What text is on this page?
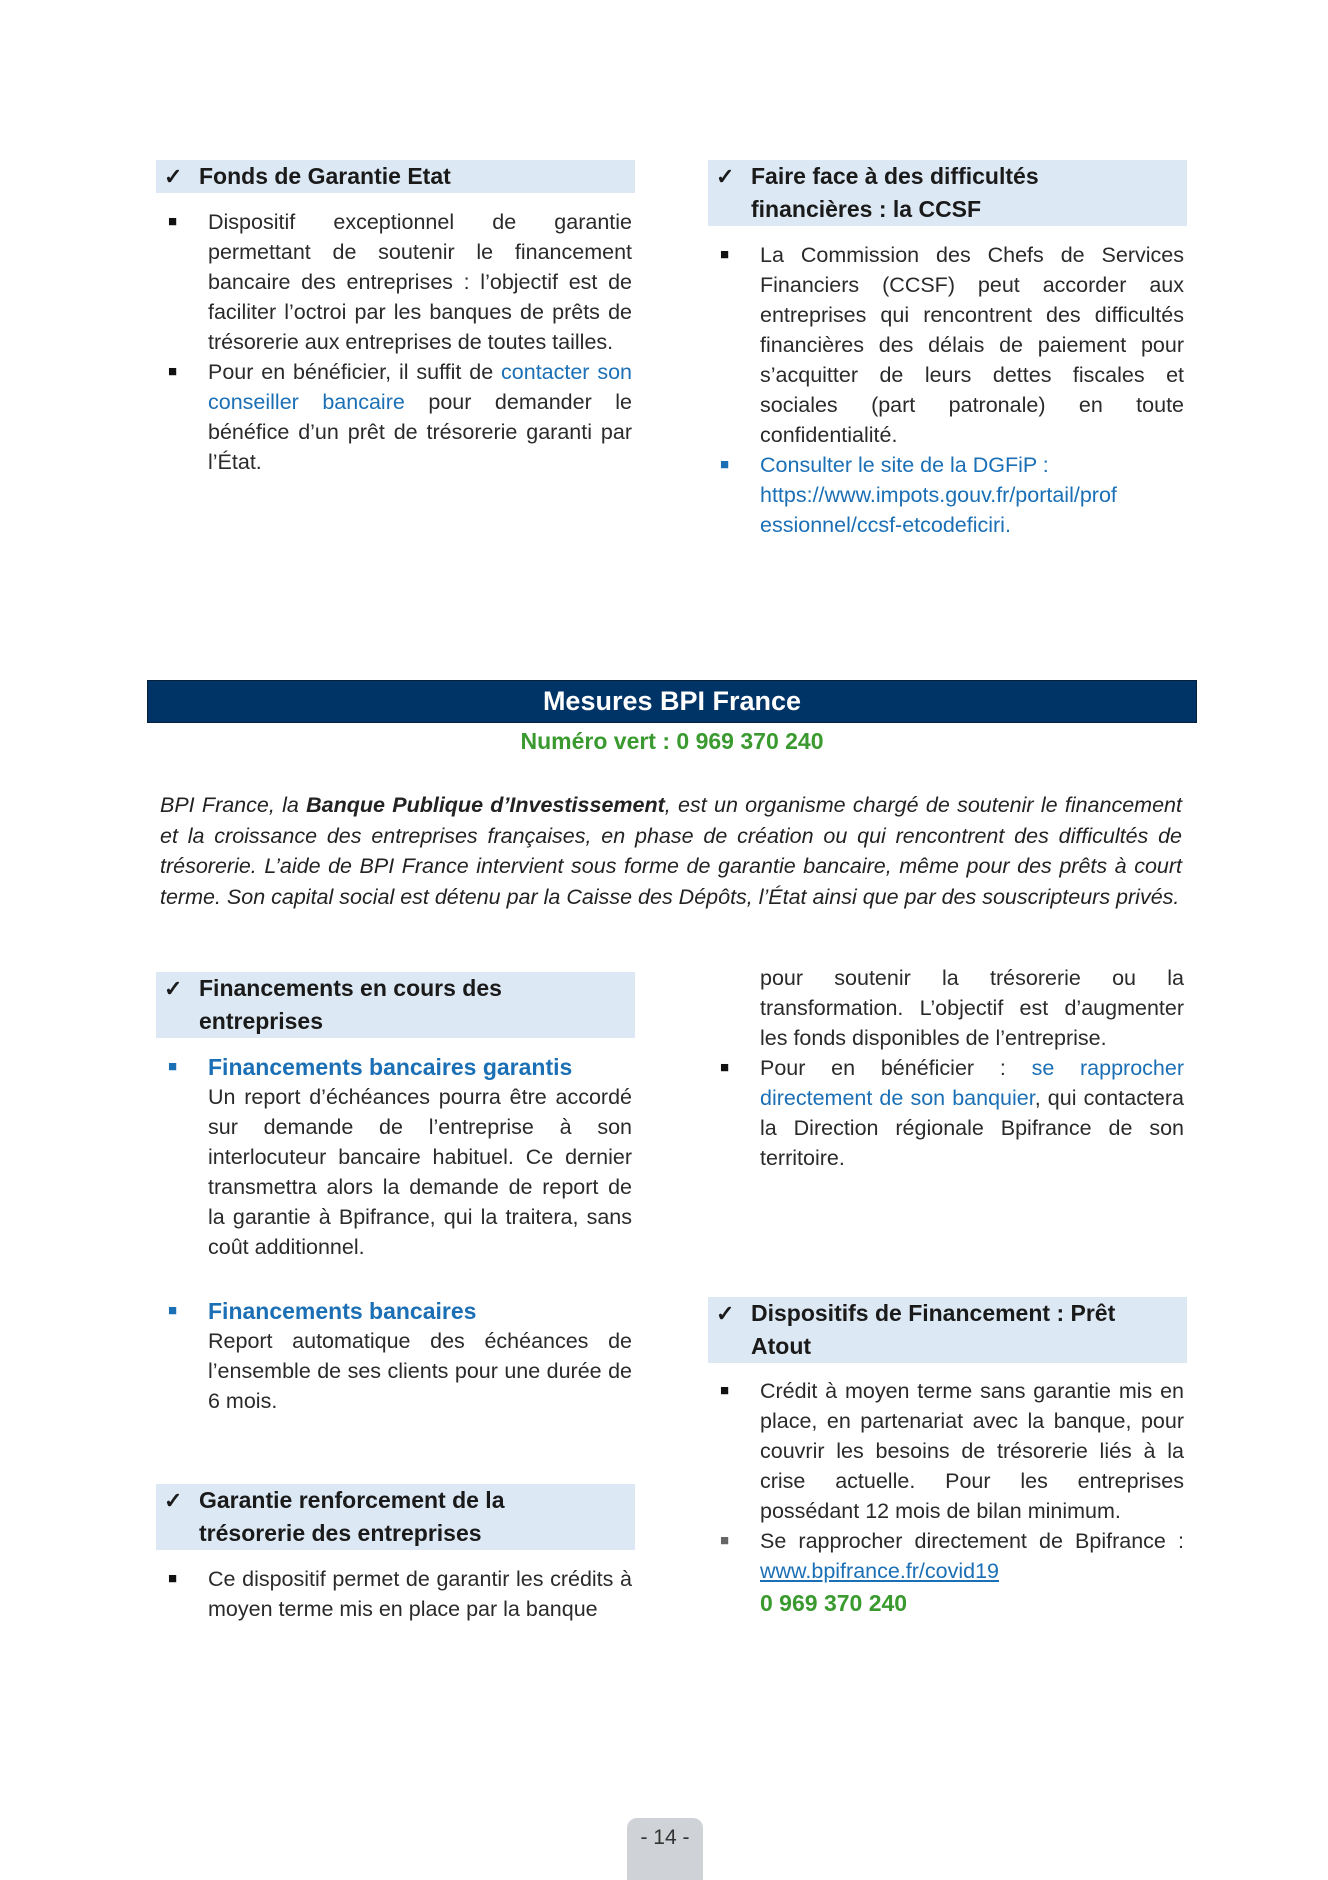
✓ Fonds de Garantie Etat
■ Dispositif exceptionnel de garantie permettant de soutenir le financement bancaire des entreprises : l’objectif est de faciliter l’octroi par les banques de prêts de trésorerie aux entreprises de toutes tailles.
■ Pour en bénéficier, il suffit de contacter son conseiller bancaire pour demander le bénéfice d’un prêt de trésorerie garanti par l’État.
✓ Faire face à des difficultés
financières : la CCSF
■ La Commission des Chefs de Services Financiers (CCSF) peut accorder aux entreprises qui rencontrent des difficultés financières des délais de paiement pour s’acquitter de leurs dettes fiscales et sociales (part patronale) en toute confidentialité.
■ Consulter le site de la DGFiP :
https://www.impots.gouv.fr/portail/prof
essionnel/ccsf-etcodeficiri.
Mesures BPI France
Numéro vert : 0 969 370 240
BPI France, la Banque Publique d’Investissement, est un organisme chargé de soutenir le financement et la croissance des entreprises françaises, en phase de création ou qui rencontrent des difficultés de trésorerie. L’aide de BPI France intervient sous forme de garantie bancaire, même pour des prêts à court terme. Son capital social est détenu par la Caisse des Dépôts, l’État ainsi que par des souscripteurs privés.
✓ Financements en cours des
entreprises
■ Financements bancaires garantis
Un report d’échéances pourra être accordé sur demande de l’entreprise à son interlocuteur bancaire habituel. Ce dernier transmettra alors la demande de report de la garantie à Bpifrance, qui la traitera, sans coût additionnel.
■ Financements bancaires
Report automatique des échéances de l’ensemble de ses clients pour une durée de 6 mois.
✓ Garantie renforcement de la
trésorerie des entreprises
■ Ce dispositif permet de garantir les crédits à moyen terme mis en place par la banque
pour soutenir la trésorerie ou la transformation. L’objectif est d’augmenter les fonds disponibles de l’entreprise.
■ Pour en bénéficier : se rapprocher directement de son banquier, qui contactera la Direction régionale Bpifrance de son territoire.
✓ Dispositifs de Financement : Prêt
Atout
■ Crédit à moyen terme sans garantie mis en place, en partenariat avec la banque, pour couvrir les besoins de trésorerie liés à la crise actuelle. Pour les entreprises possédant 12 mois de bilan minimum.
■ Se rapprocher directement de Bpifrance :
www.bpifrance.fr/covid19
0 969 370 240
- 14 -
